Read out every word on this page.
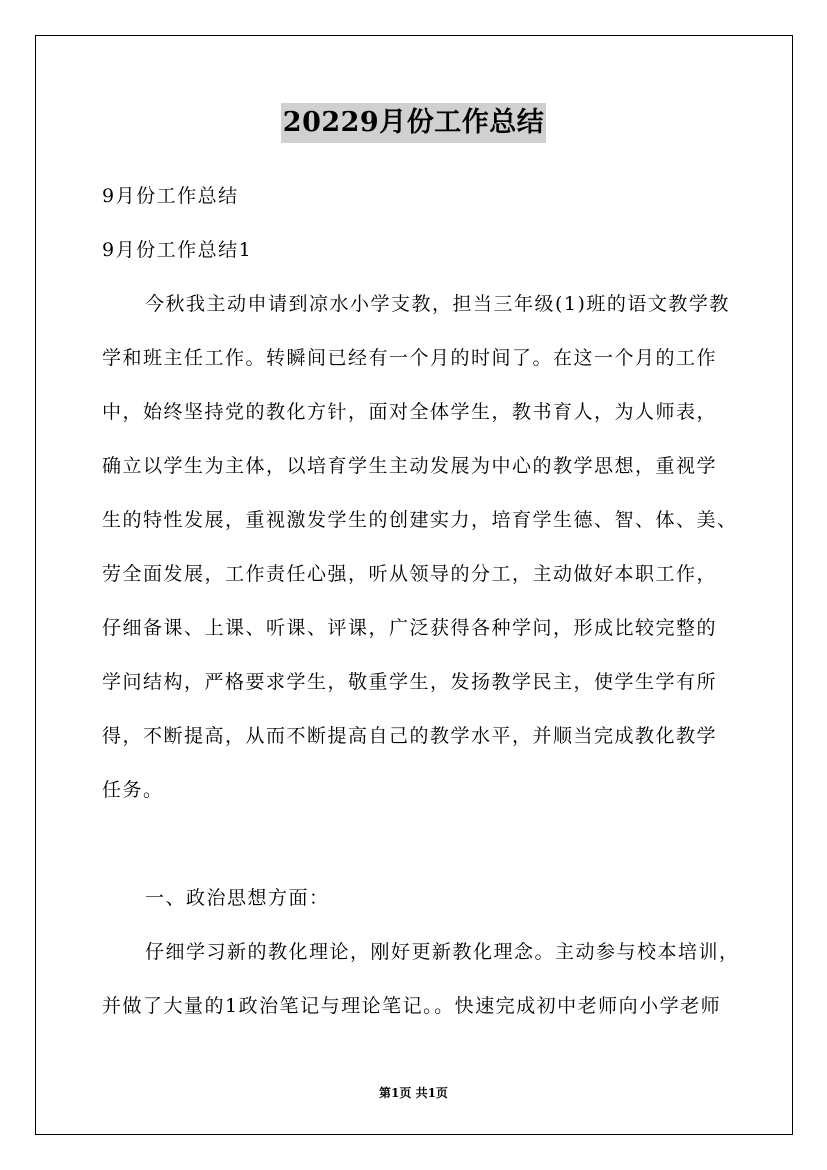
20229月份工作总结
9月份工作总结
9月份工作总结1
今秋我主动申请到凉水小学支教，担当三年级(1)班的语文教学教
学和班主任工作。转瞬间已经有一个月的时间了。在这一个月的工作
中，始终坚持党的教化方针，面对全体学生，教书育人，为人师表，
确立以学生为主体，以培育学生主动发展为中心的教学思想，重视学
生的特性发展，重视激发学生的创建实力，培育学生德、智、体、美、
劳全面发展，工作责任心强，听从领导的分工，主动做好本职工作，
仔细备课、上课、听课、评课，广泛获得各种学问，形成比较完整的
学问结构，严格要求学生，敬重学生，发扬教学民主，使学生学有所
得，不断提高，从而不断提高自己的教学水平，并顺当完成教化教学
任务。
一、政治思想方面：
仔细学习新的教化理论，刚好更新教化理念。主动参与校本培训，
并做了大量的1政治笔记与理论笔记。。快速完成初中老师向小学老师
第1页 共1页
